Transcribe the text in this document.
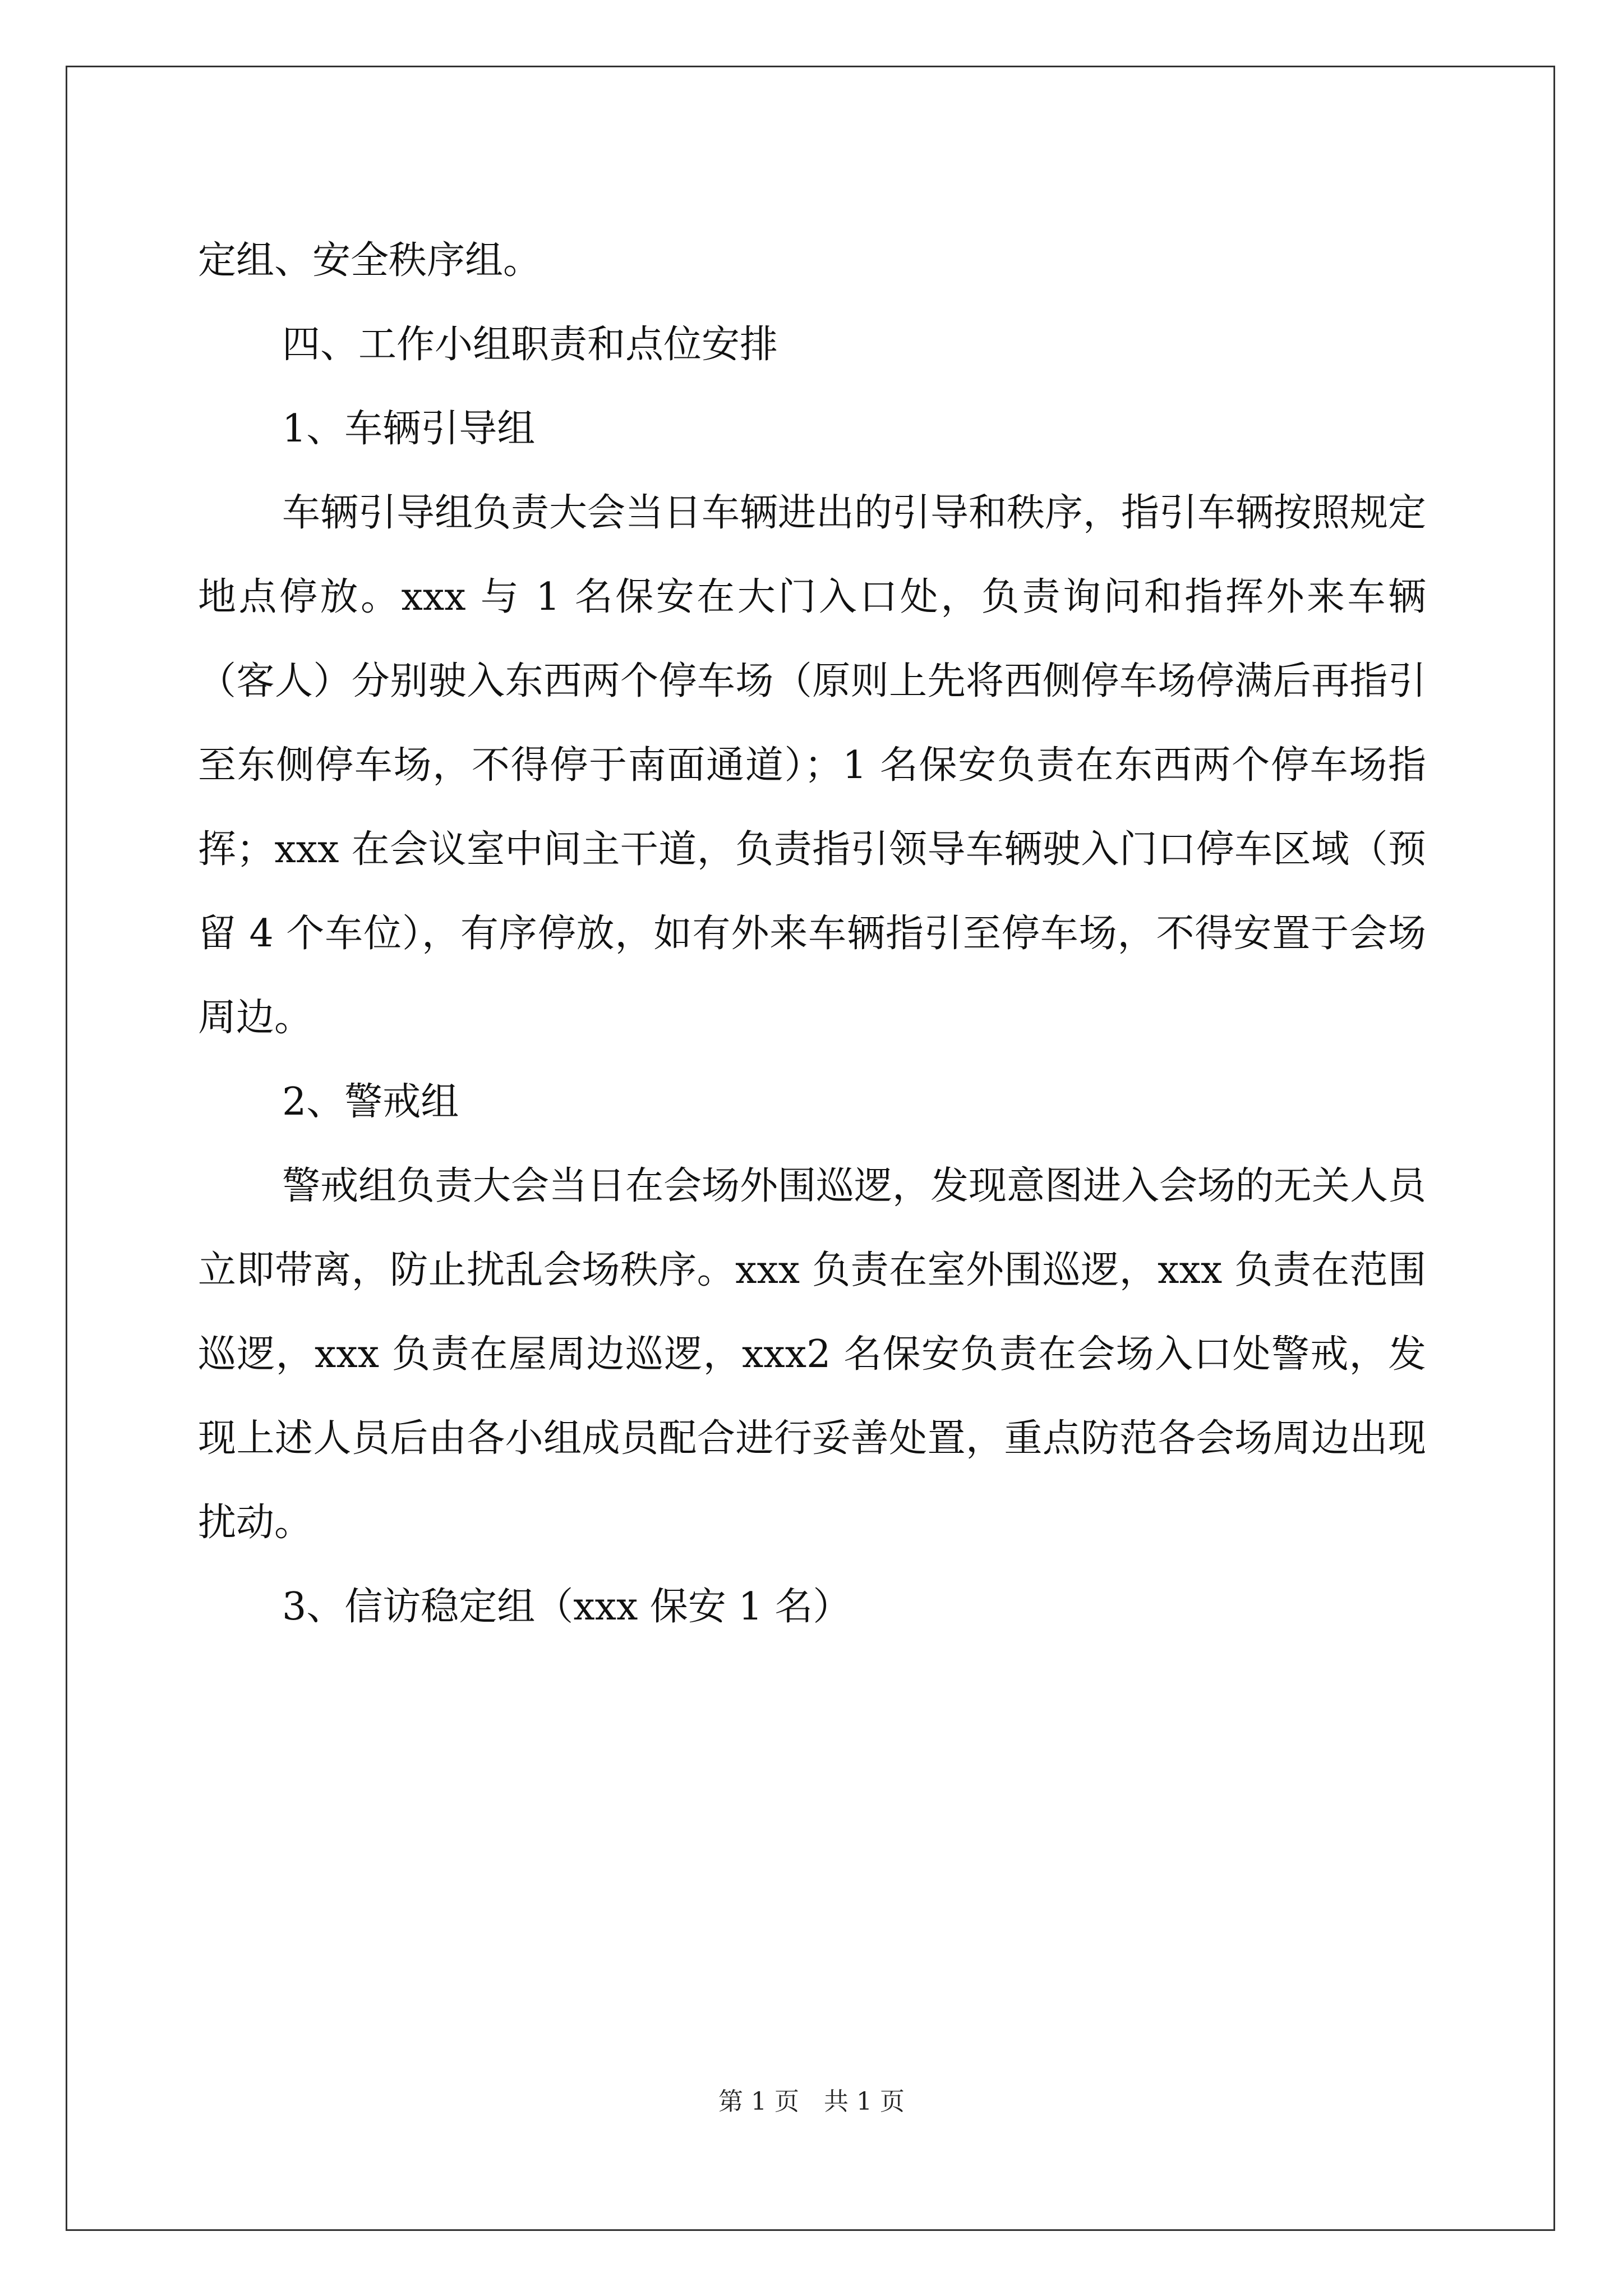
定组、安全秩序组。

四、工作小组职责和点位安排

1、车辆引导组

车辆引导组负责大会当日车辆进出的引导和秩序，指引车辆按照规定地点停放。xxx 与 1 名保安在大门入口处，负责询问和指挥外来车辆（客人）分别驶入东西两个停车场（原则上先将西侧停车场停满后再指引至东侧停车场，不得停于南面通道）；1 名保安负责在东西两个停车场指挥；xxx 在会议室中间主干道，负责指引领导车辆驶入门口停车区域（预留 4 个车位），有序停放，如有外来车辆指引至停车场，不得安置于会场周边。

2、警戒组

警戒组负责大会当日在会场外围巡逻，发现意图进入会场的无关人员立即带离，防止扰乱会场秩序。xxx 负责在室外围巡逻，xxx 负责在范围巡逻，xxx 负责在屋周边巡逻，xxx2 名保安负责在会场入口处警戒，发现上述人员后由各小组成员配合进行妥善处置，重点防范各会场周边出现扰动。

3、信访稳定组（xxx 保安 1 名）

第 1 页　共 1 页
